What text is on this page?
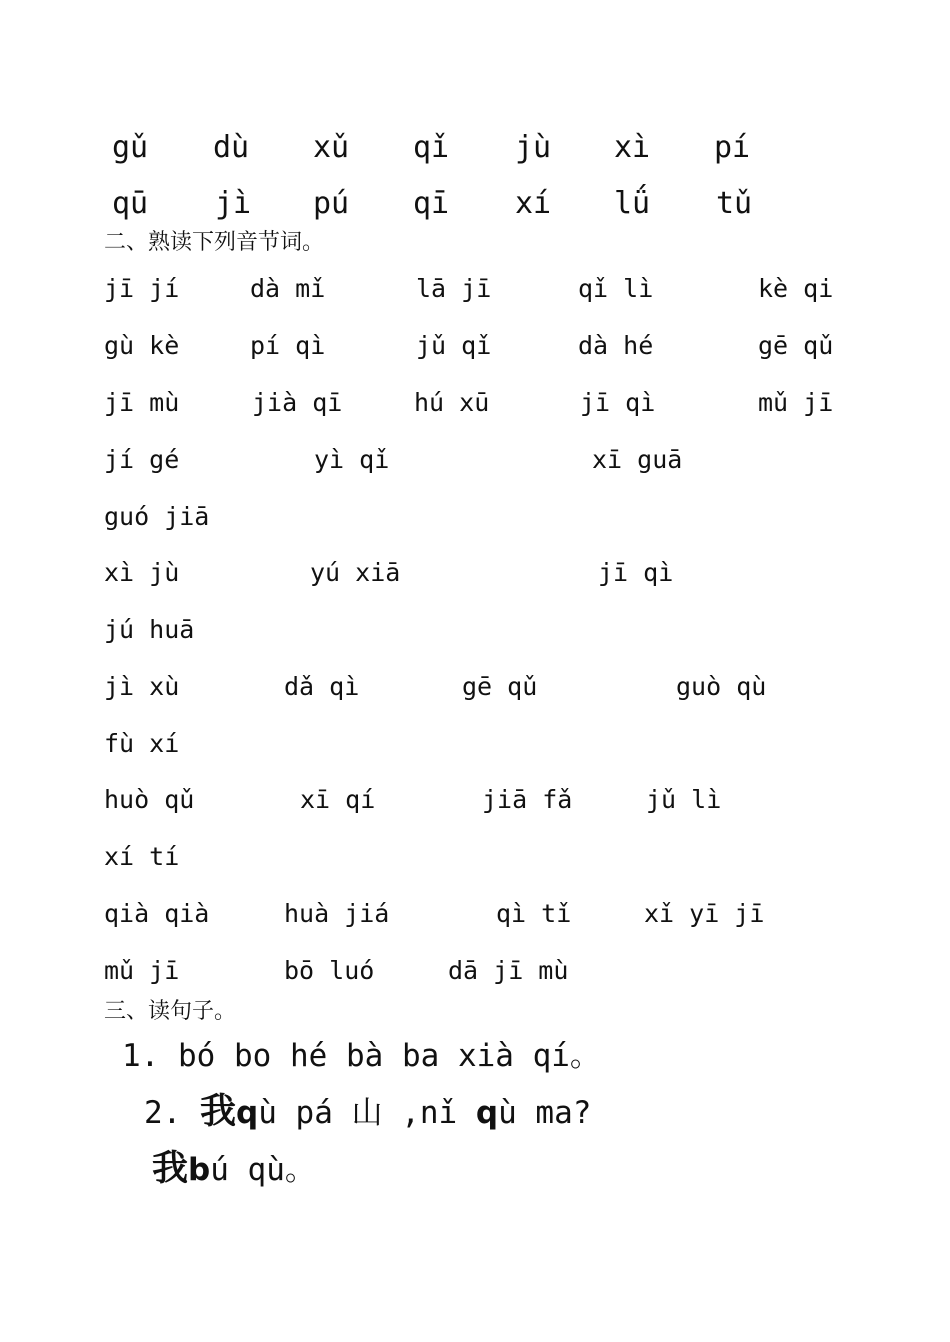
gǔ dù xǔ qǐ jù xì pí
qū jì pú qī xí lǘ tǔ
二、熟读下列音节词。
jī jí	dà mǐ	lā jī	qǐ lì	kè qi
gù kè	pí qì	jǔ qǐ	dà hé	gē qǔ
jī mù	jià qī	hú xū	jī qì	mǔ jī
jí gé	yì qǐ	xī guā
guó jiā
xì jù	yú xiā	jī qì
jú huā
jì xù	dǎ qì	gē qǔ	guò qù
fù xí
huò qǔ	xī qí	jiā fǎ	jǔ lì
xí tí
qià qià	huà jiá	qì tǐ	xǐ yī jī
mǔ jī	bō luó	dā jī mù
三、读句子。
1. bó bo hé bà ba xià qí。
2. 我qù pá 山 ,nǐ qù ma?
我bú qù。
